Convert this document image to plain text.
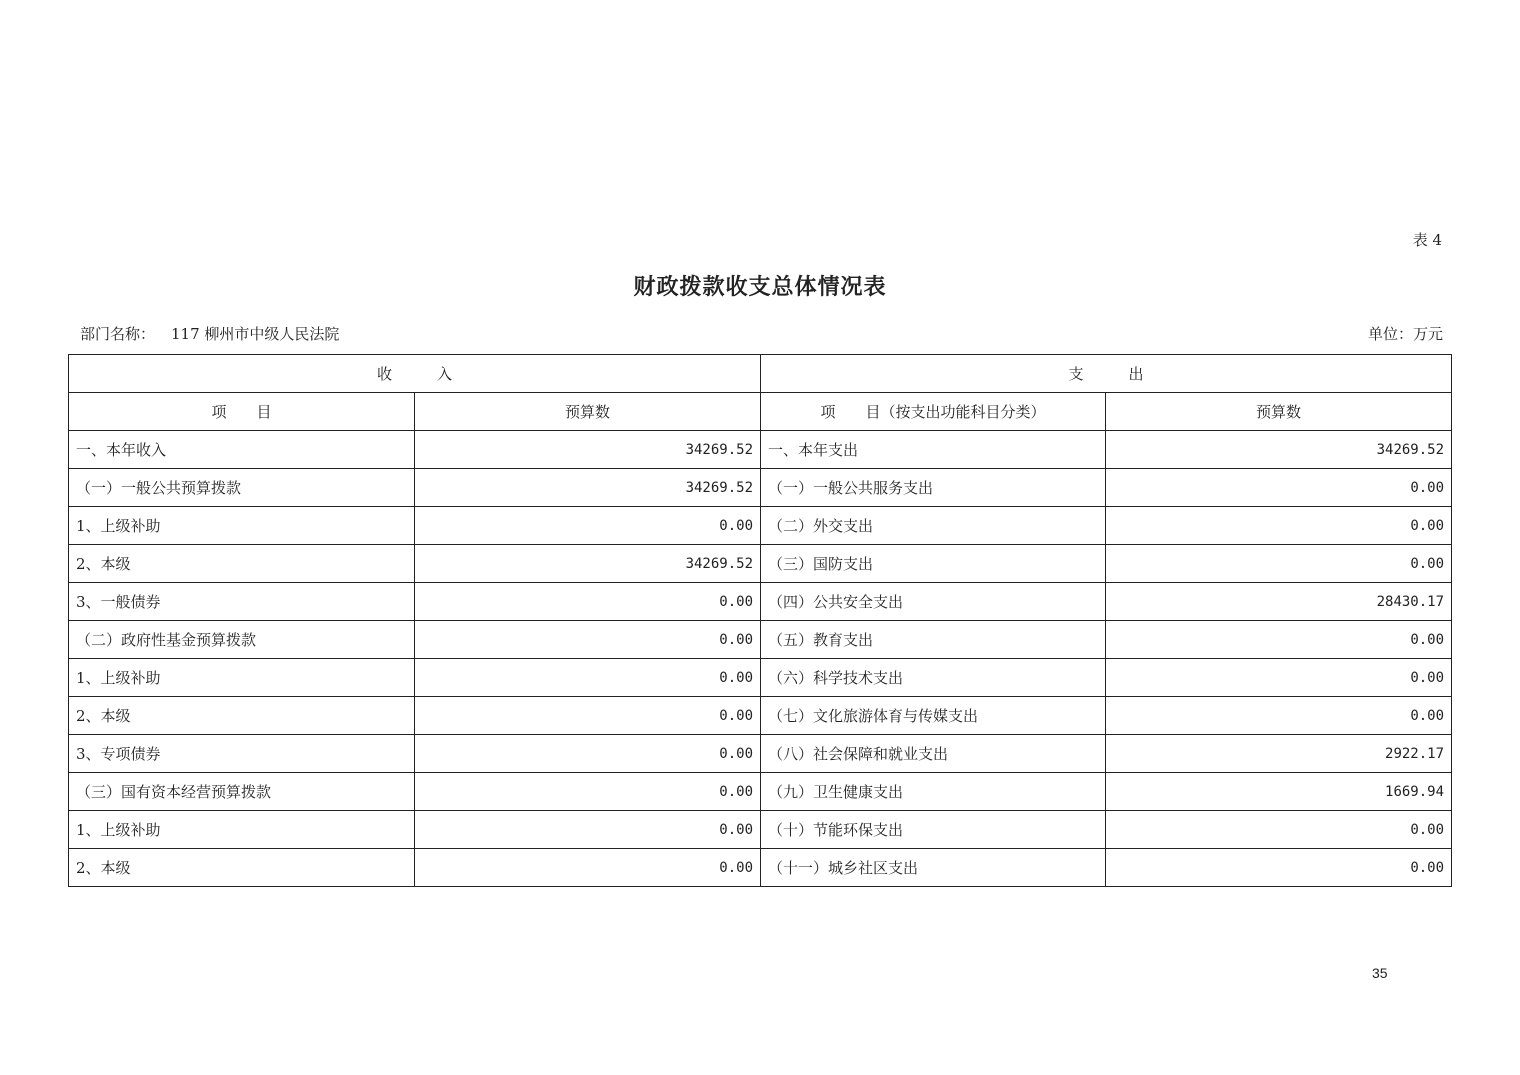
表 4
财政拨款收支总体情况表
部门名称： 117 柳州市中级人民法院	单位：万元
收　　　入		支　　　出	
项　　目	预算数	项　　目（按支出功能科目分类）	预算数
一、本年收入	34269.52	一、本年支出	34269.52
（一）一般公共预算拨款	34269.52	（一）一般公共服务支出	0.00
1、上级补助	0.00	（二）外交支出	0.00
2、本级	34269.52	（三）国防支出	0.00
3、一般债券	0.00	（四）公共安全支出	28430.17
（二）政府性基金预算拨款	0.00	（五）教育支出	0.00
1、上级补助	0.00	（六）科学技术支出	0.00
2、本级	0.00	（七）文化旅游体育与传媒支出	0.00
3、专项债券	0.00	（八）社会保障和就业支出	2922.17
（三）国有资本经营预算拨款	0.00	（九）卫生健康支出	1669.94
1、上级补助	0.00	（十）节能环保支出	0.00
2、本级	0.00	（十一）城乡社区支出	0.00
35
